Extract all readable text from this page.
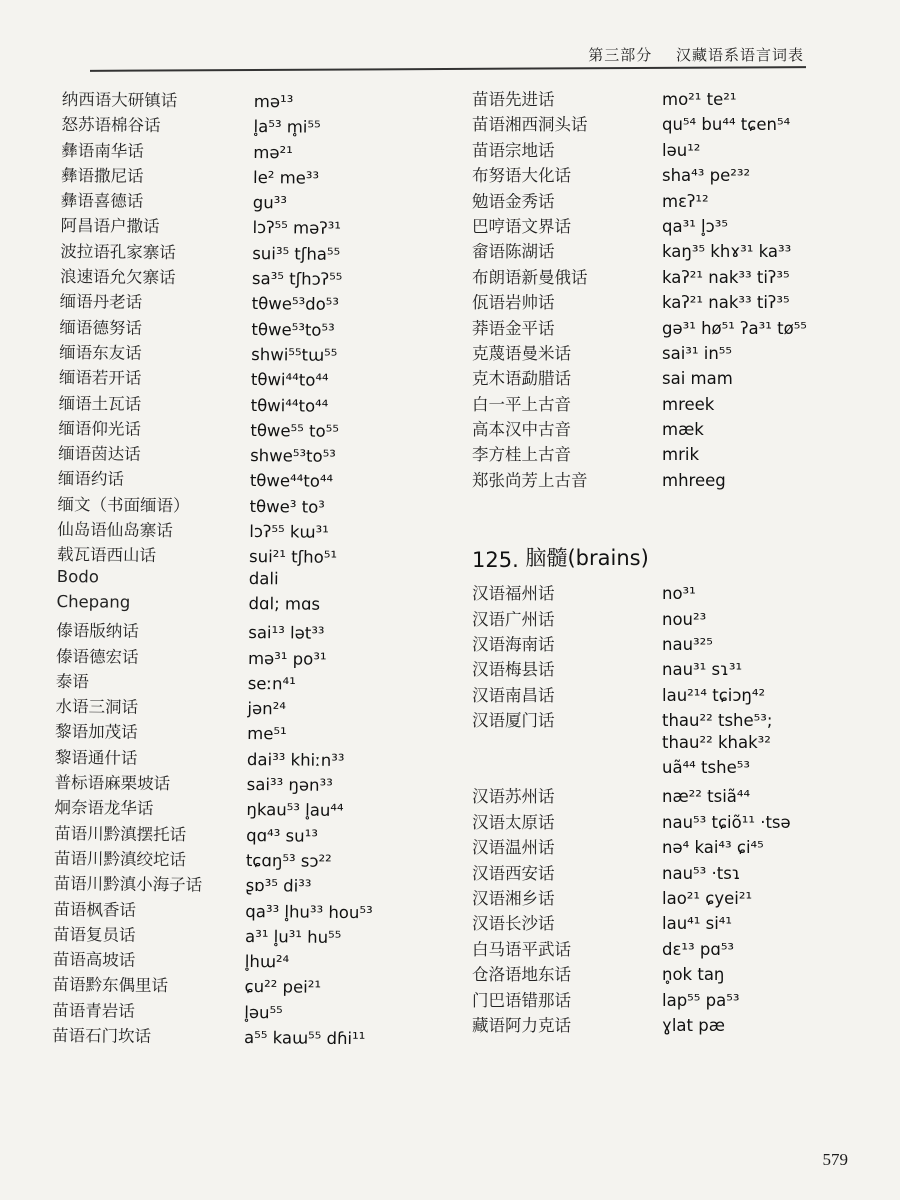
第三部分 汉藏语系语言词表
纳西语大研镇话	mə¹³
怒苏语棉谷话	l̥a⁵³ m̥i⁵⁵
彝语南华话	mə²¹
彝语撒尼话	le² me³³
彝语喜德话	gu³³
阿昌语户撒话	lɔʔ⁵⁵ məʔ³¹
波拉语孔家寨话	sui³⁵ tʃha⁵⁵
浪速语允欠寨话	sa³⁵ tʃhɔʔ⁵⁵
缅语丹老话	tθwe⁵³do⁵³
缅语德努话	tθwe⁵³to⁵³
缅语东友话	shwi⁵⁵tɯ⁵⁵
缅语若开话	tθwi⁴⁴to⁴⁴
缅语土瓦话	tθwi⁴⁴to⁴⁴
缅语仰光话	tθwe⁵⁵ to⁵⁵
缅语茵达话	shwe⁵³to⁵³
缅语约话	tθwe⁴⁴to⁴⁴
缅文（书面缅语）	tθwe³ to³
仙岛语仙岛寨话	lɔʔ⁵⁵ kɯ³¹
载瓦语西山话	sui²¹ tʃho⁵¹
Bodo	dali
Chepang	dɑl; mɑs
傣语版纳话	sai¹³ lət³³
傣语德宏话	mə³¹ po³¹
泰语	seːn⁴¹
水语三洞话	jən²⁴
黎语加茂话	me⁵¹
黎语通什话	dai³³ khiːn³³
普标语麻栗坡话	sai³³ ŋən³³
炯奈语龙华话	ŋkau⁵³ l̥au⁴⁴
苗语川黔滇摆托话	qɑ⁴³ su¹³
苗语川黔滇绞坨话	tɕɑŋ⁵³ sɔ²²
苗语川黔滇小海子话	ʂɒ³⁵ di³³
苗语枫香话	qa³³ l̥hu³³ hou⁵³
苗语复员话	a³¹ l̥u³¹ hu⁵⁵
苗语高坡话	l̥hɯ²⁴
苗语黔东偶里话	ɕu²² pei²¹
苗语青岩话	l̥əu⁵⁵
苗语石门坎话	a⁵⁵ kaɯ⁵⁵ dɦi¹¹
苗语先进话	mo²¹ te²¹
苗语湘西洞头话	qu⁵⁴ bu⁴⁴ tɕen⁵⁴
苗语宗地话	ləu¹²
布努语大化话	sha⁴³ pe²³²
勉语金秀话	mɛʔ¹²
巴哼语文界话	qa³¹ l̥ɔ³⁵
畲语陈湖话	kaŋ³⁵ khɤ³¹ ka³³
布朗语新曼俄话	kaʔ²¹ nak³³ tiʔ³⁵
佤语岩帅话	kaʔ²¹ nak³³ tiʔ³⁵
莽语金平话	gə³¹ hø⁵¹ ʔa³¹ tø⁵⁵
克蔑语曼米话	sai³¹ in⁵⁵
克木语勐腊话	sai mam
白一平上古音	mreek
高本汉中古音	mæk
李方桂上古音	mrik
郑张尚芳上古音	mhreeg
125.
脑髓(brains)
汉语福州话	no³¹
汉语广州话	nou²³
汉语海南话	nau³²⁵
汉语梅县话	nau³¹ sɿ³¹
汉语南昌话	lau²¹⁴ tɕiɔŋ⁴²
汉语厦门话	thau²² tshe⁵³;
thau²² khak³²
uã⁴⁴ tshe⁵³
汉语苏州话	næ²² tsiã⁴⁴
汉语太原话	nau⁵³ tɕiõ¹¹ ·tsə
汉语温州话	nə⁴ kai⁴³ ɕi⁴⁵
汉语西安话	nau⁵³ ·tsɿ
汉语湘乡话	lao²¹ ɕyei²¹
汉语长沙话	lau⁴¹ si⁴¹
白马语平武话	dɛ¹³ pɑ⁵³
仓洛语地东话	n̥ok taŋ
门巴语错那话	lap⁵⁵ pa⁵³
藏语阿力克话	ɣlat pæ
579
